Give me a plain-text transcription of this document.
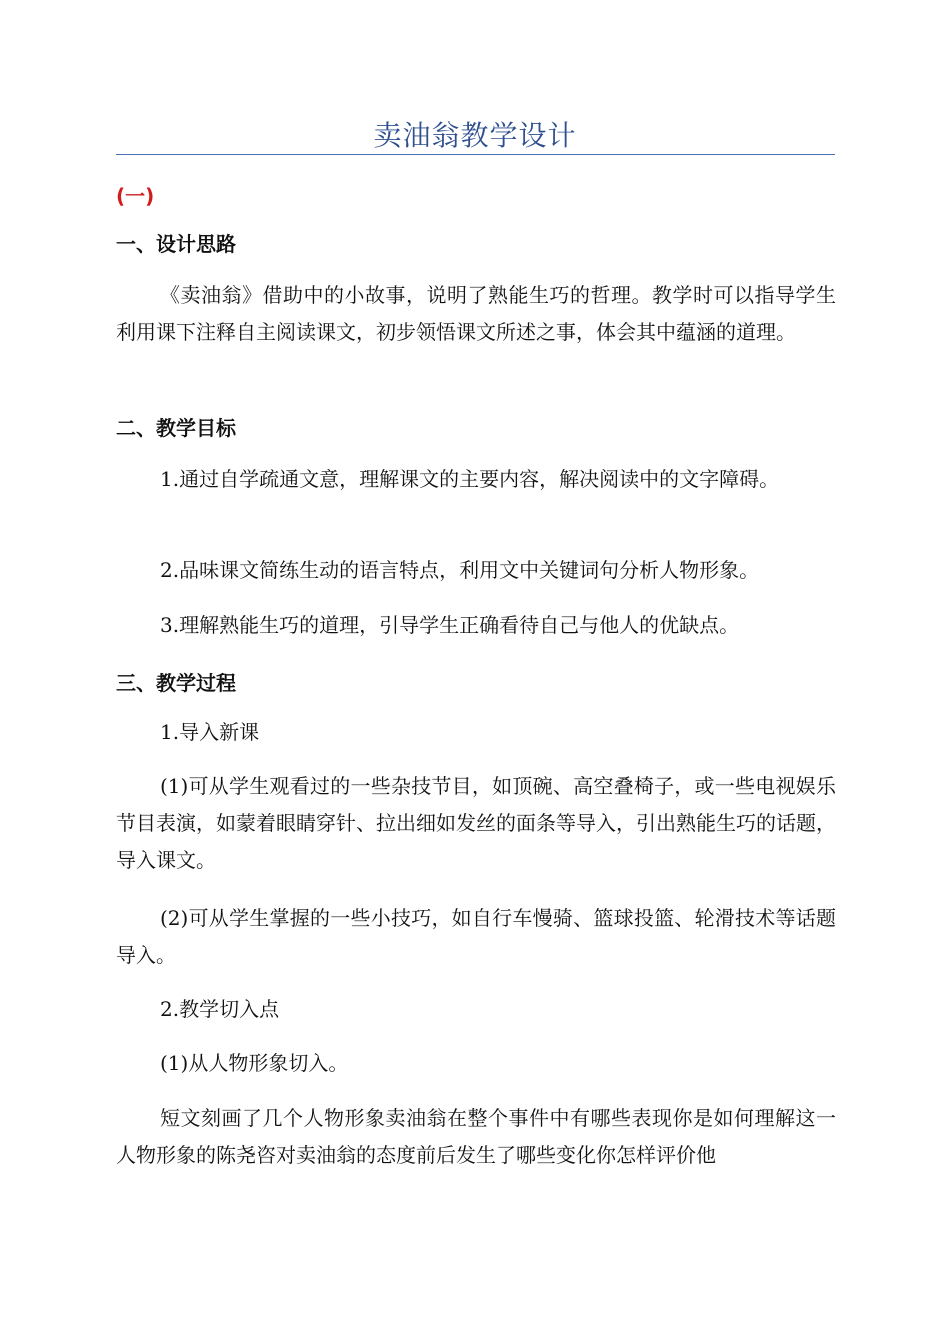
卖油翁教学设计
(一)
一、设计思路
《卖油翁》借助中的小故事，说明了熟能生巧的哲理。教学时可以指导学生利用课下注释自主阅读课文，初步领悟课文所述之事，体会其中蕴涵的道理。
二、教学目标
1.通过自学疏通文意，理解课文的主要内容，解决阅读中的文字障碍。
2.品味课文简练生动的语言特点，利用文中关键词句分析人物形象。
3.理解熟能生巧的道理，引导学生正确看待自己与他人的优缺点。
三、教学过程
1.导入新课
(1)可从学生观看过的一些杂技节目，如顶碗、高空叠椅子，或一些电视娱乐节目表演，如蒙着眼睛穿针、拉出细如发丝的面条等导入，引出熟能生巧的话题，导入课文。
(2)可从学生掌握的一些小技巧，如自行车慢骑、篮球投篮、轮滑技术等话题导入。
2.教学切入点
(1)从人物形象切入。
短文刻画了几个人物形象卖油翁在整个事件中有哪些表现你是如何理解这一人物形象的陈尧咨对卖油翁的态度前后发生了哪些变化你怎样评价他
